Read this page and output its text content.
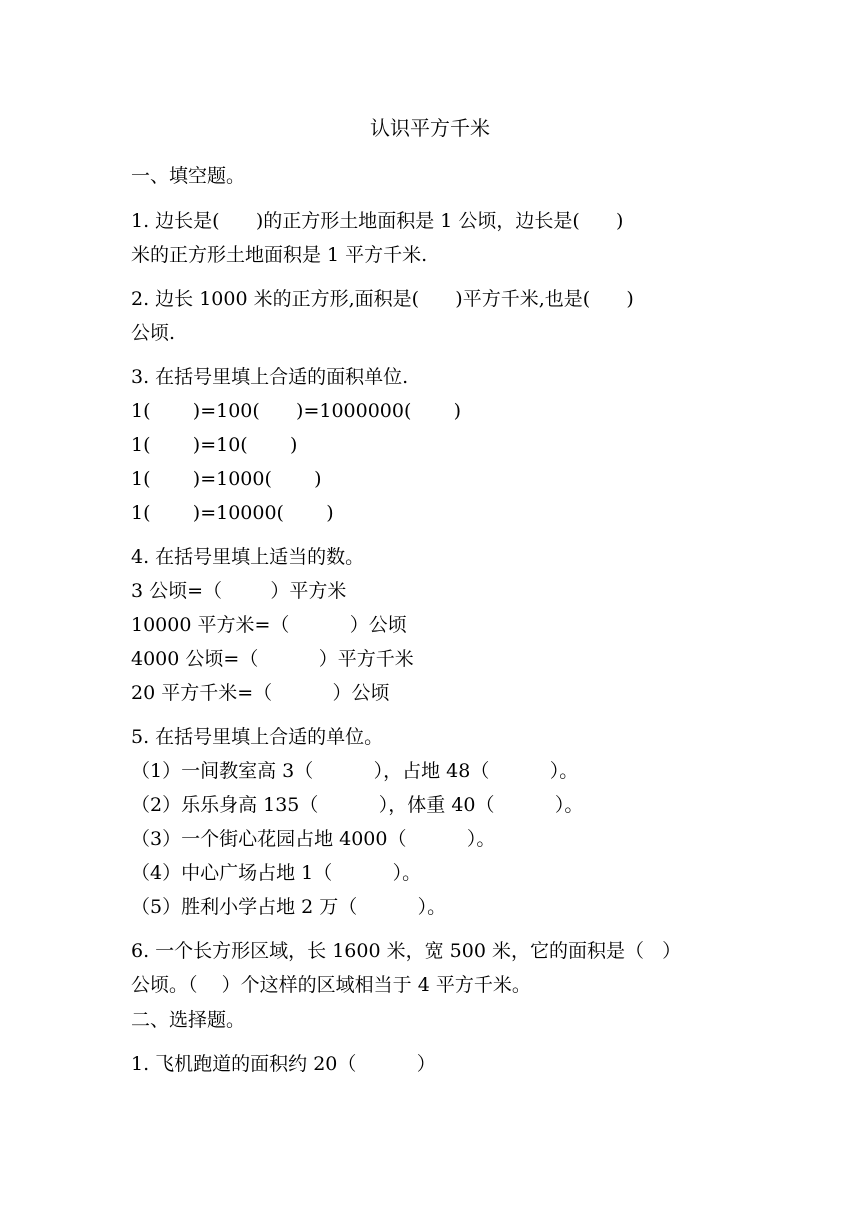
认识平方千米
一、填空题。
1. 边长是(      )的正方形土地面积是 1 公顷，边长是(      )
米的正方形土地面积是 1 平方千米.
2. 边长 1000 米的正方形,面积是(      )平方千米,也是(      )
公顷.
3. 在括号里填上合适的面积单位.
1(       )=100(      )=1000000(       )
1(       )=10(       )
1(       )=1000(       )
1(       )=10000(       )
4. 在括号里填上适当的数。
3 公顷=（        ）平方米
10000 平方米=（          ）公顷
4000 公顷=（          ）平方千米
20 平方千米=（          ）公顷
5. 在括号里填上合适的单位。
（1）一间教室高 3（          ），占地 48（          ）。
（2）乐乐身高 135（          ），体重 40（          ）。
（3）一个街心花园占地 4000（          ）。
（4）中心广场占地 1（          ）。
（5）胜利小学占地 2 万（          ）。
6. 一个长方形区域，长 1600 米，宽 500 米，它的面积是（   ）
公顷。（    ）个这样的区域相当于 4 平方千米。
二、选择题。
1. 飞机跑道的面积约 20（          ）
